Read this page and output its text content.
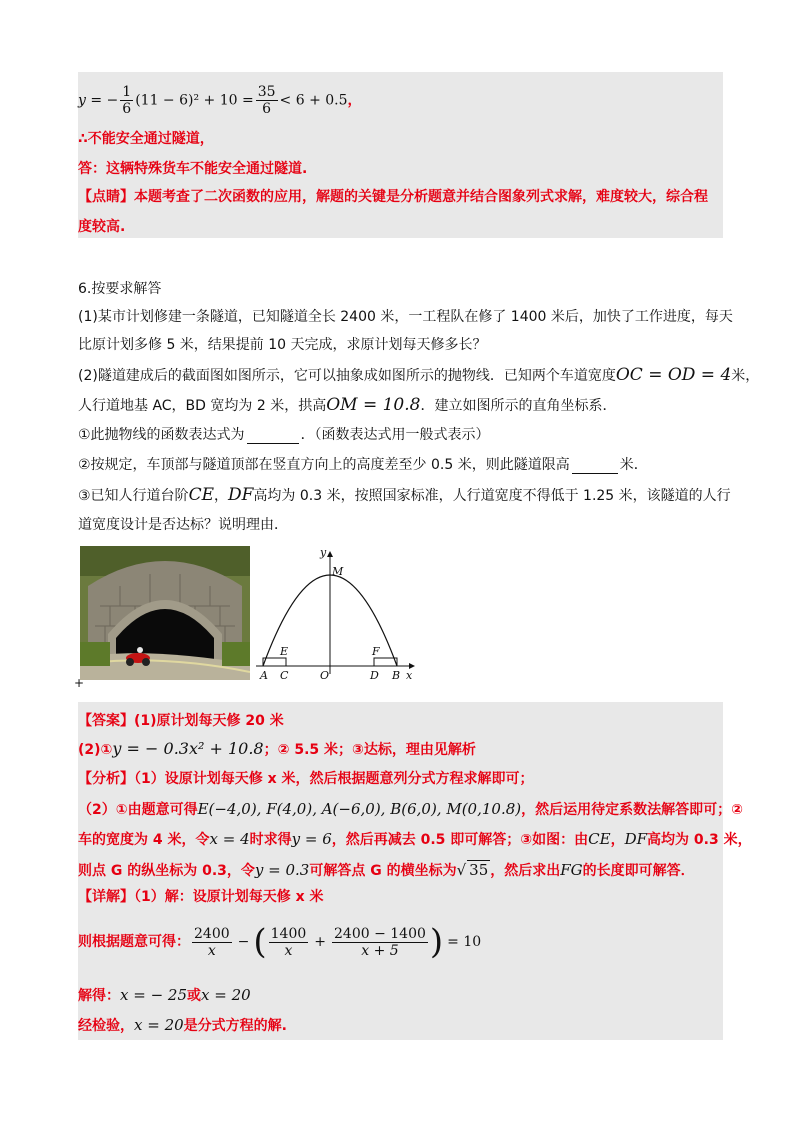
y = − $\frac{1}{6} (11 - 6)^2 + 10 = \frac{35}{6} < 6 + 0.5$，
∴不能安全通过隧道，
答：这辆特殊货车不能安全通过隧道.
【点睛】本题考查了二次函数的应用，解题的关键是分析题意并结合图象列式求解，难度较大，综合程
度较高.
6.按要求解答
(1)某市计划修建一条隧道，已知隧道全长 2400 米，一工程队在修了 1400 米后，加快了工作进度，每天
比原计划多修 5 米，结果提前 10 天完成，求原计划每天修多长？
(2)隧道建成后的截面图如图所示，它可以抽象成如图所示的抛物线．已知两个车道宽度OC = OD = 4米，
人行道地基 AC，BD 宽均为 2 米，拱高OM = 10.8．建立如图所示的直角坐标系．
①此抛物线的函数表达式为	．（函数表达式用一般式表示）
②按规定，车顶部与隧道顶部在竖直方向上的高度差至少 0.5 米，则此隧道限高	米．
③已知人行道台阶CE，DF高均为 0.3 米，按照国家标准，人行道宽度不得低于 1.25 米，该隧道的人行
道宽度设计是否达标？说明理由．
+
y
M
E	F
A C	O	D B x
【答案】(1)原计划每天修 20 米
(2)①y = − 0.3x² + 10.8；② 5.5 米；③达标，理由见解析
【分析】（1）设原计划每天修 x 米，然后根据题意列分式方程求解即可；
（2）①由题意可得E(−4,0), F(4,0), A(−6,0), B(6,0), M(0,10.8)，然后运用待定系数法解答即可；②
车的宽度为 4 米，令x = 4时求得y = 6，然后再减去 0.5 即可解答；③如图：由CE，DF高均为 0.3 米，
则点 G 的纵坐标为 0.3，令y = 0.3可解答点 G 的横坐标为√ 35 ，然后求出FG的长度即可解答．
【详解】（1）解：设原计划每天修 x 米
则根据题意可得： $\frac{2400}{x}$ − ( $\frac{1400}{x} + \frac{2400 - 1400}{x + 5}$ ) = 10
解得：x = − 25或x = 20
经检验，x = 20是分式方程的解.
